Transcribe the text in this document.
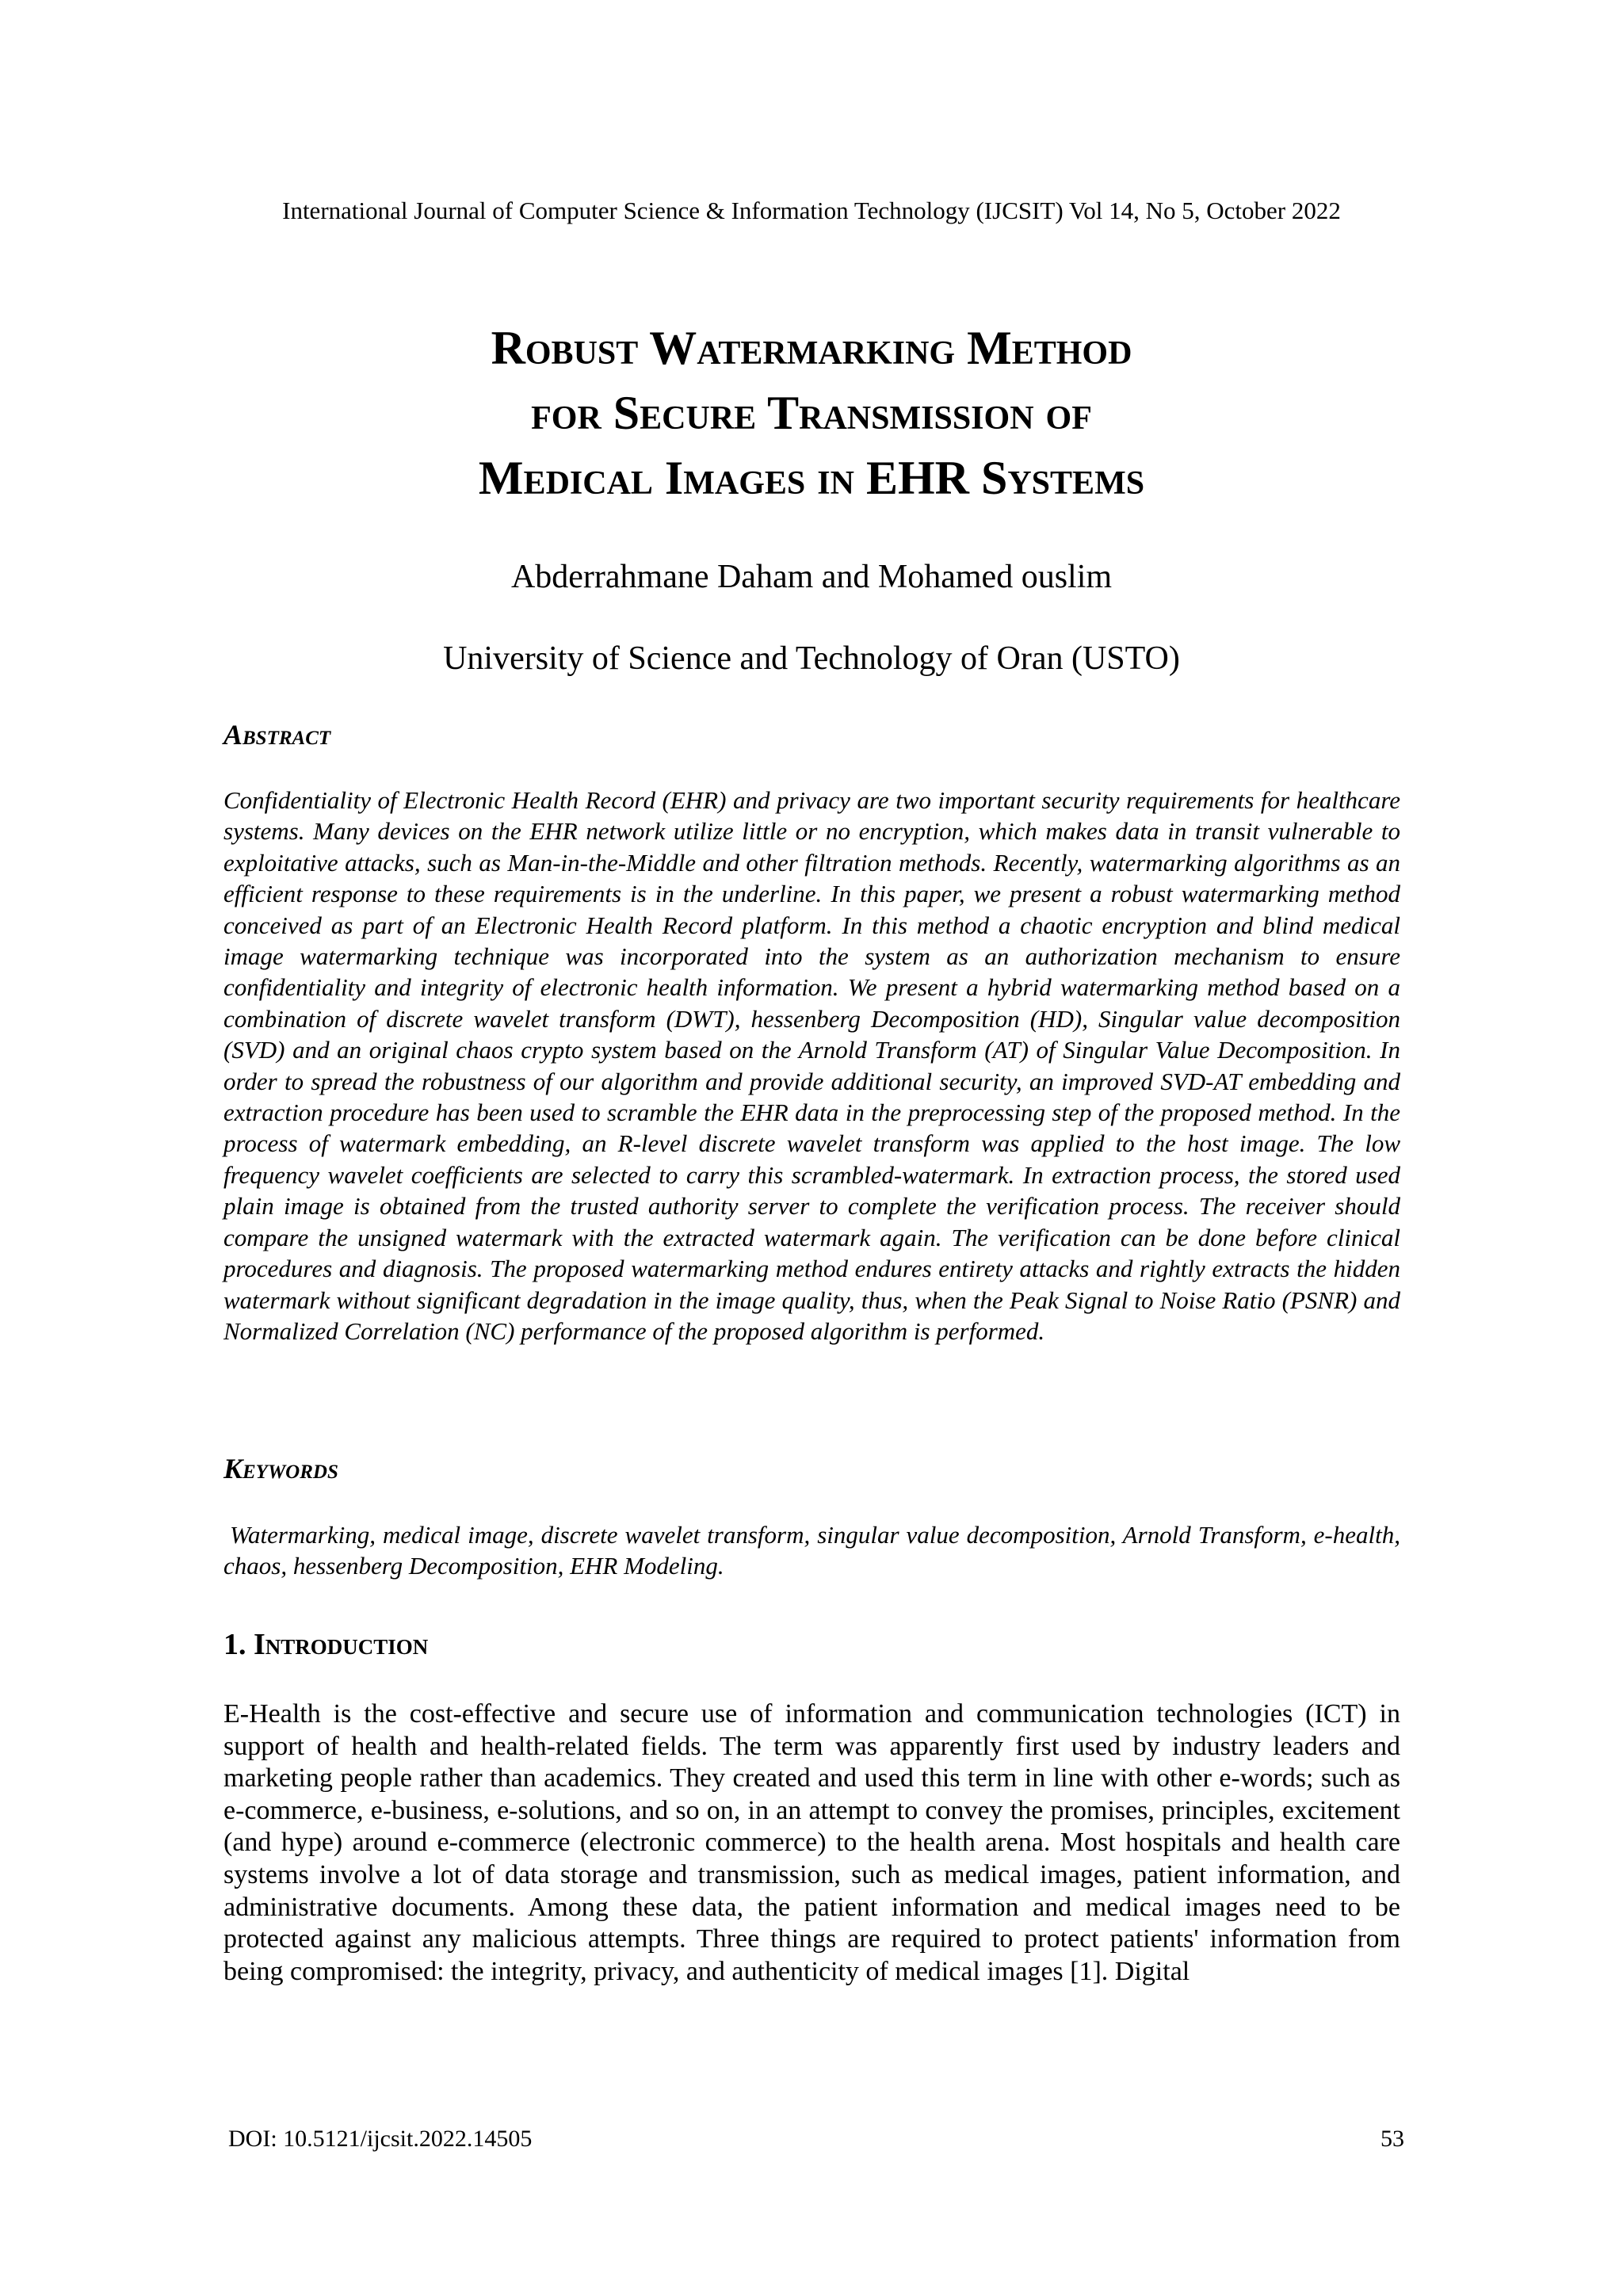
International Journal of Computer Science & Information Technology (IJCSIT) Vol 14, No 5, October 2022
Robust Watermarking Method
for Secure Transmission of
Medical Images in EHR Systems
Abderrahmane Daham and Mohamed ouslim
University of Science and Technology of Oran (USTO)
Abstract
Confidentiality of Electronic Health Record (EHR) and privacy are two important security requirements for healthcare systems. Many devices on the EHR network utilize little or no encryption, which makes data in transit vulnerable to exploitative attacks, such as Man-in-the-Middle and other filtration methods. Recently, watermarking algorithms as an efficient response to these requirements is in the underline. In this paper, we present a robust watermarking method conceived as part of an Electronic Health Record platform. In this method a chaotic encryption and blind medical image watermarking technique was incorporated into the system as an authorization mechanism to ensure confidentiality and integrity of electronic health information. We present a hybrid watermarking method based on a combination of discrete wavelet transform (DWT), hessenberg Decomposition (HD), Singular value decomposition (SVD) and an original chaos crypto system based on the Arnold Transform (AT) of Singular Value Decomposition. In order to spread the robustness of our algorithm and provide additional security, an improved SVD-AT embedding and extraction procedure has been used to scramble the EHR data in the preprocessing step of the proposed method. In the process of watermark embedding, an R-level discrete wavelet transform was applied to the host image. The low frequency wavelet coefficients are selected to carry this scrambled-watermark. In extraction process, the stored used plain image is obtained from the trusted authority server to complete the verification process. The receiver should compare the unsigned watermark with the extracted watermark again. The verification can be done before clinical procedures and diagnosis. The proposed watermarking method endures entirety attacks and rightly extracts the hidden watermark without significant degradation in the image quality, thus, when the Peak Signal to Noise Ratio (PSNR) and Normalized Correlation (NC) performance of the proposed algorithm is performed.
Keywords
Watermarking, medical image, discrete wavelet transform, singular value decomposition, Arnold Transform, e-health, chaos, hessenberg Decomposition, EHR Modeling.
1. Introduction
E-Health is the cost-effective and secure use of information and communication technologies (ICT) in support of health and health-related fields. The term was apparently first used by industry leaders and marketing people rather than academics. They created and used this term in line with other e-words; such as e-commerce, e-business, e-solutions, and so on, in an attempt to convey the promises, principles, excitement (and hype) around e-commerce (electronic commerce) to the health arena. Most hospitals and health care systems involve a lot of data storage and transmission, such as medical images, patient information, and administrative documents. Among these data, the patient information and medical images need to be protected against any malicious attempts. Three things are required to protect patients' information from being compromised: the integrity, privacy, and authenticity of medical images [1]. Digital
DOI: 10.5121/ijcsit.2022.14505	53
